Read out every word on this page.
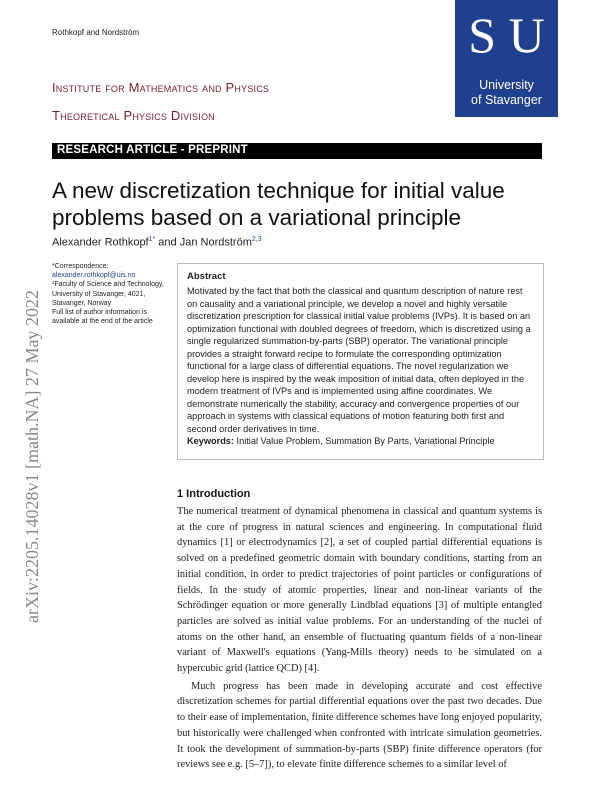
Rothkopf and Nordström	S U
University
of Stavanger
Institute for Mathematics and Physics
Theoretical Physics Division
RESEARCH ARTICLE - PREPRINT
A new discretization technique for initial value problems based on a variational principle
Alexander Rothkopf$^{1*}$ and Jan Nordström$^{2,3}$
arXiv:2205.14028v1 [math.NA] 27 May 2022
*Correspondence:
alexander.rothkopf@uis.no
¹Faculty of Science and Technology, University of Stavanger, 4021, Stavanger, Norway
Full list of author information is available at the end of the article
Abstract
Motivated by the fact that both the classical and quantum description of nature rest on causality and a variational principle, we develop a novel and highly versatile discretization prescription for classical initial value problems (IVPs). It is based on an optimization functional with doubled degrees of freedom, which is discretized using a single regularized summation-by-parts (SBP) operator. The variational principle provides a straight forward recipe to formulate the corresponding optimization functional for a large class of differential equations. The novel regularization we develop here is inspired by the weak imposition of initial data, often deployed in the modern treatment of IVPs and is implemented using affine coordinates. We demonstrate numerically the stability, accuracy and convergence properties of our approach in systems with classical equations of motion featuring both first and second order derivatives in time.
Keywords: Initial Value Problem, Summation By Parts, Variational Principle
1 Introduction

The numerical treatment of dynamical phenomena in classical and quantum systems is at the core of progress in natural sciences and engineering. In computational fluid dynamics [1] or electrodynamics [2], a set of coupled partial differential equations is solved on a predefined geometric domain with boundary conditions, starting from an initial condition, in order to predict trajectories of point particles or configurations of fields. In the study of atomic properties, linear and non-linear variants of the Schrödinger equation or more generally Lindblad equations [3] of multiple entangled particles are solved as initial value problems. For an understanding of the nuclei of atoms on the other hand, an ensemble of fluctuating quantum fields of a non-linear variant of Maxwell's equations (Yang-Mills theory) needs to be simulated on a hypercubic grid (lattice QCD) [4].

Much progress has been made in developing accurate and cost effective discretization schemes for partial differential equations over the past two decades. Due to their ease of implementation, finite difference schemes have long enjoyed popularity, but historically were challenged when confronted with intricate simulation geometries. It took the development of summation-by-parts (SBP) finite difference operators (for reviews see e.g. [5–7]), to elevate finite difference schemes to a similar level of
